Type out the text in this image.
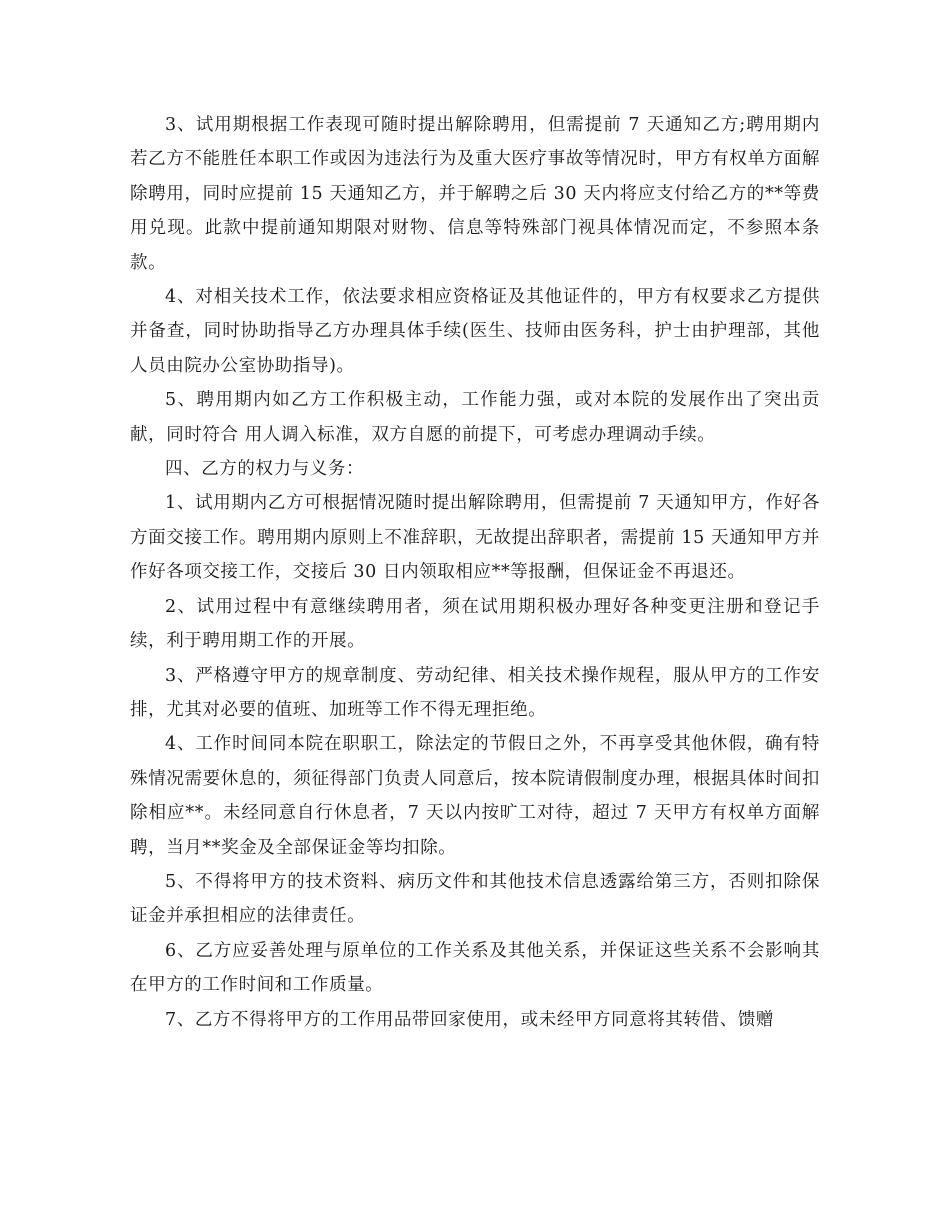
3、试用期根据工作表现可随时提出解除聘用，但需提前 7 天通知乙方;聘用期内若乙方不能胜任本职工作或因为违法行为及重大医疗事故等情况时，甲方有权单方面解除聘用，同时应提前 15 天通知乙方，并于解聘之后 30 天内将应支付给乙方的**等费用兑现。此款中提前通知期限对财物、信息等特殊部门视具体情况而定，不参照本条款。

4、对相关技术工作，依法要求相应资格证及其他证件的，甲方有权要求乙方提供并备查，同时协助指导乙方办理具体手续(医生、技师由医务科，护士由护理部，其他人员由院办公室协助指导)。

5、聘用期内如乙方工作积极主动，工作能力强，或对本院的发展作出了突出贡献，同时符合 用人调入标准，双方自愿的前提下，可考虑办理调动手续。

四、乙方的权力与义务：

1、试用期内乙方可根据情况随时提出解除聘用，但需提前 7 天通知甲方，作好各方面交接工作。聘用期内原则上不准辞职，无故提出辞职者，需提前 15 天通知甲方并作好各项交接工作，交接后 30 日内领取相应**等报酬，但保证金不再退还。

2、试用过程中有意继续聘用者，须在试用期积极办理好各种变更注册和登记手续，利于聘用期工作的开展。

3、严格遵守甲方的规章制度、劳动纪律、相关技术操作规程，服从甲方的工作安排，尤其对必要的值班、加班等工作不得无理拒绝。

4、工作时间同本院在职职工，除法定的节假日之外，不再享受其他休假，确有特殊情况需要休息的，须征得部门负责人同意后，按本院请假制度办理，根据具体时间扣除相应**。未经同意自行休息者，7 天以内按旷工对待，超过 7 天甲方有权单方面解聘，当月**奖金及全部保证金等均扣除。

5、不得将甲方的技术资料、病历文件和其他技术信息透露给第三方，否则扣除保证金并承担相应的法律责任。

6、乙方应妥善处理与原单位的工作关系及其他关系，并保证这些关系不会影响其在甲方的工作时间和工作质量。

7、乙方不得将甲方的工作用品带回家使用，或未经甲方同意将其转借、馈赠
